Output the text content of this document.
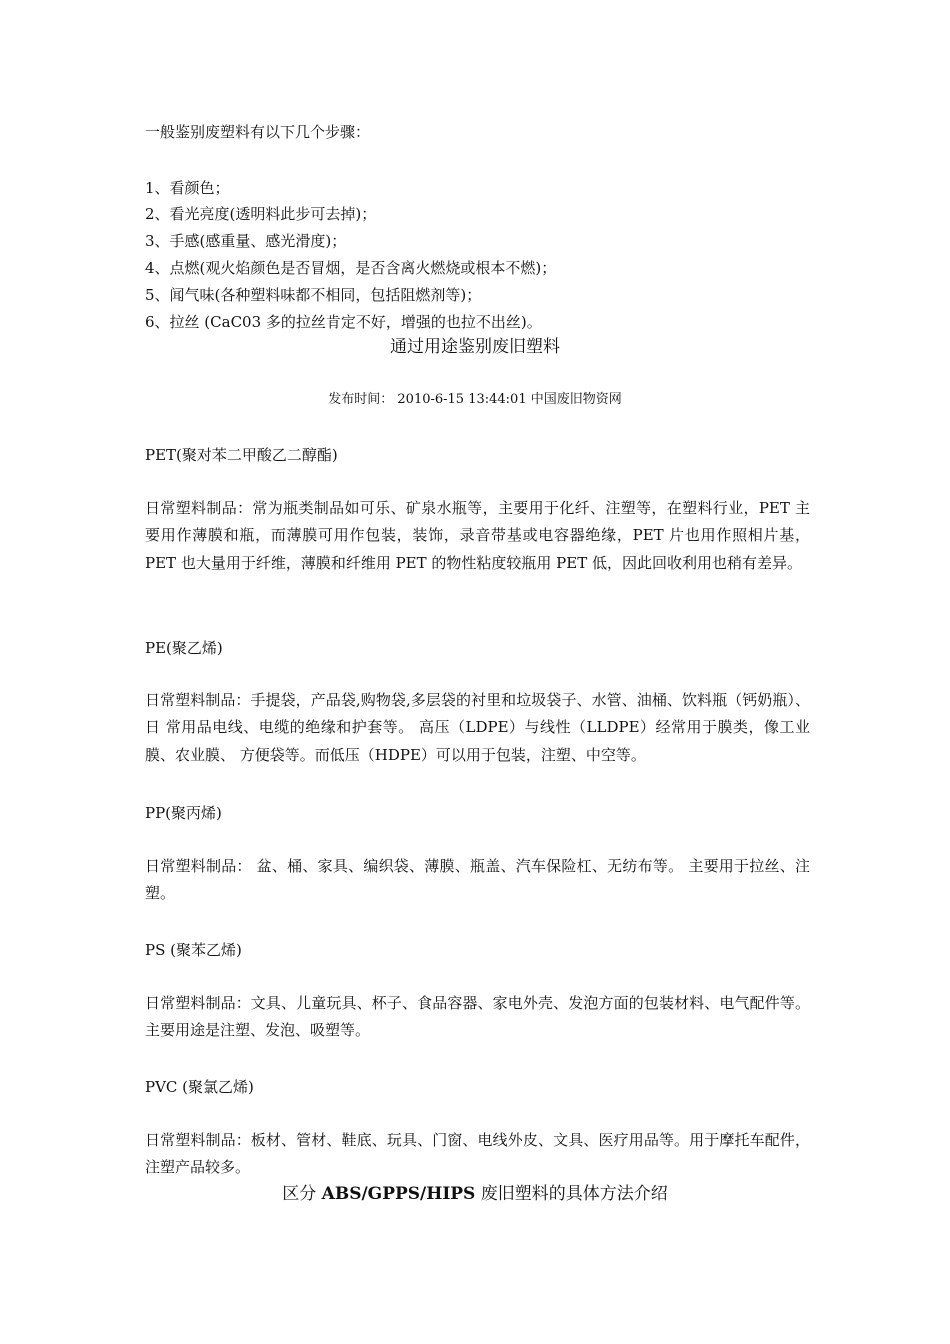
一般鉴别废塑料有以下几个步骤：
1、看颜色；
2、看光亮度(透明料此步可去掉)；
3、手感(感重量、感光滑度)；
4、点燃(观火焰颜色是否冒烟，是否含离火燃烧或根本不燃)；
5、闻气味(各种塑料味都不相同，包括阻燃剂等)；
6、拉丝 (CaC03 多的拉丝肯定不好，增强的也拉不出丝)。
通过用途鉴别废旧塑料
发布时间： 2010-6-15 13:44:01 中国废旧物资网
PET(聚对苯二甲酸乙二醇酯)
日常塑料制品：常为瓶类制品如可乐、矿泉水瓶等，主要用于化纤、注塑等，在塑料行业，PET 主要用作薄膜和瓶，而薄膜可用作包装，装饰，录音带基或电容器绝缘，PET 片也用作照相片基，PET 也大量用于纤维，薄膜和纤维用 PET 的物性粘度较瓶用 PET 低，因此回收利用也稍有差异。
PE(聚乙烯)
日常塑料制品：手提袋，产品袋,购物袋,多层袋的衬里和垃圾袋子、水管、油桶、饮料瓶（钙奶瓶）、日 常用品电线、电缆的绝缘和护套等。 高压（LDPE）与线性（LLDPE）经常用于膜类，像工业膜、农业膜、 方便袋等。而低压（HDPE）可以用于包装，注塑、中空等。
PP(聚丙烯)
日常塑料制品： 盆、桶、家具、编织袋、薄膜、瓶盖、汽车保险杠、无纺布等。 主要用于拉丝、注塑。
PS (聚苯乙烯)
日常塑料制品：文具、儿童玩具、杯子、食品容器、家电外壳、发泡方面的包装材料、电气配件等。主要用途是注塑、发泡、吸塑等。
PVC (聚氯乙烯)
日常塑料制品：板材、管材、鞋底、玩具、门窗、电线外皮、文具、医疗用品等。用于摩托车配件，注塑产品较多。
区分 ABS/GPPS/HIPS 废旧塑料的具体方法介绍
